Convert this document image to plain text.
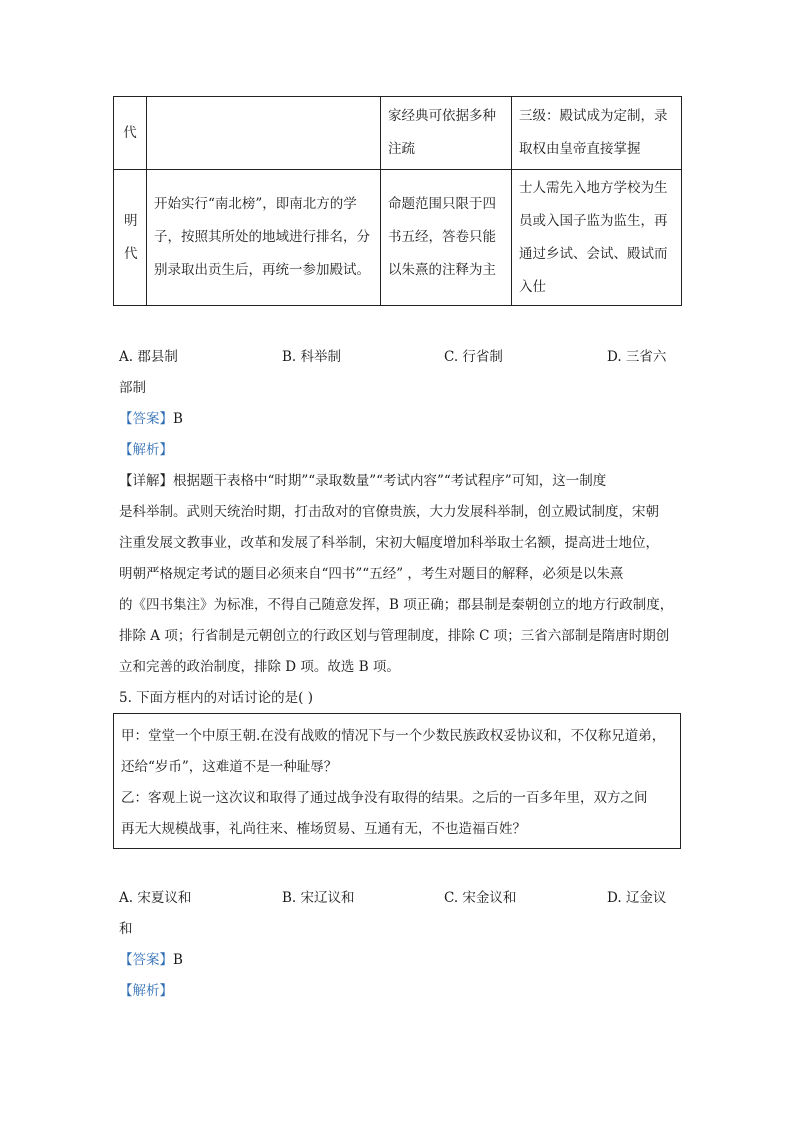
代		家经典可依据多种注疏	三级：殿试成为定制，录取权由皇帝直接掌握
明代	开始实行“南北榜”，即南北方的学子，按照其所处的地域进行排名，分别录取出贡生后，再统一参加殿试。	命题范围只限于四书五经，答卷只能以朱熹的注释为主	士人需先入地方学校为生员或入国子监为监生，再通过乡试、会试、殿试而入仕
A. 郡县制	B. 科举制	C. 行省制	D. 三省六
部制
【答案】B
【解析】
【详解】根据题干表格中“时期”“录取数量”“考试内容”“考试程序”可知，这一制度
是科举制。武则天统治时期，打击敌对的官僚贵族，大力发展科举制，创立殿试制度，宋朝
注重发展文教事业，改革和发展了科举制，宋初大幅度增加科举取士名额，提高进士地位，
明朝严格规定考试的题目必须来自“四书”“五经” ，考生对题目的解释，必须是以朱熹
的《四书集注》为标准，不得自己随意发挥，B 项正确；郡县制是秦朝创立的地方行政制度，
排除 A 项；行省制是元朝创立的行政区划与管理制度，排除 C 项；三省六部制是隋唐时期创
立和完善的政治制度，排除 D 项。故选 B 项。
5. 下面方框内的对话讨论的是( )
甲：堂堂一个中原王朝.在没有战败的情况下与一个少数民族政权妥协议和，不仅称兄道弟，
还给“岁币”，这难道不是一种耻辱？
乙：客观上说一这次议和取得了通过战争没有取得的结果。之后的一百多年里，双方之间
再无大规模战事，礼尚往来、榷场贸易、互通有无，不也造福百姓？
A. 宋夏议和	B. 宋辽议和	C. 宋金议和	D. 辽金议
和
【答案】B
【解析】
